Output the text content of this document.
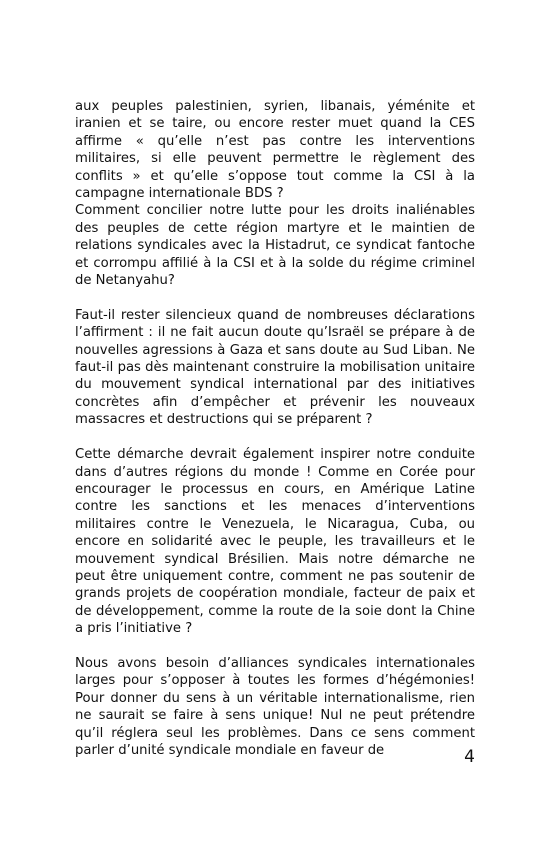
aux peuples palestinien, syrien, libanais, yéménite et iranien et se taire, ou encore rester muet quand la CES affirme « qu’elle n’est pas contre les interventions militaires, si elle peuvent permettre le règlement des conflits » et qu’elle s’oppose tout comme la CSI à la campagne internationale BDS ?

Comment concilier notre lutte pour les droits inaliénables des peuples de cette région martyre et le maintien de relations syndicales avec la Histadrut, ce syndicat fantoche et corrompu affilié à la CSI et à la solde du régime criminel de Netanyahu?

Faut-il rester silencieux quand de nombreuses déclarations l’affirment : il ne fait aucun doute qu’Israël se prépare à de nouvelles agressions à Gaza et sans doute au Sud Liban. Ne faut-il pas dès maintenant construire la mobilisation unitaire du mouvement syndical international par des initiatives concrètes afin d’empêcher et prévenir les nouveaux massacres et destructions qui se préparent ?

Cette démarche devrait également inspirer notre conduite dans d’autres régions du monde ! Comme en Corée pour encourager le processus en cours, en Amérique Latine contre les sanctions et les menaces d’interventions militaires contre le Venezuela, le Nicaragua, Cuba, ou encore en solidarité avec le peuple, les travailleurs et le mouvement syndical Brésilien. Mais notre démarche ne peut être uniquement contre, comment ne pas soutenir de grands projets de coopération mondiale, facteur de paix et de développement, comme la route de la soie dont la Chine a pris l’initiative ?

Nous avons besoin d’alliances syndicales internationales larges pour s’opposer à toutes les formes d’hégémonies! Pour donner du sens à un véritable internationalisme, rien ne saurait se faire à sens unique! Nul ne peut prétendre qu’il réglera seul les problèmes. Dans ce sens comment parler d’unité syndicale mondiale en faveur de	4
